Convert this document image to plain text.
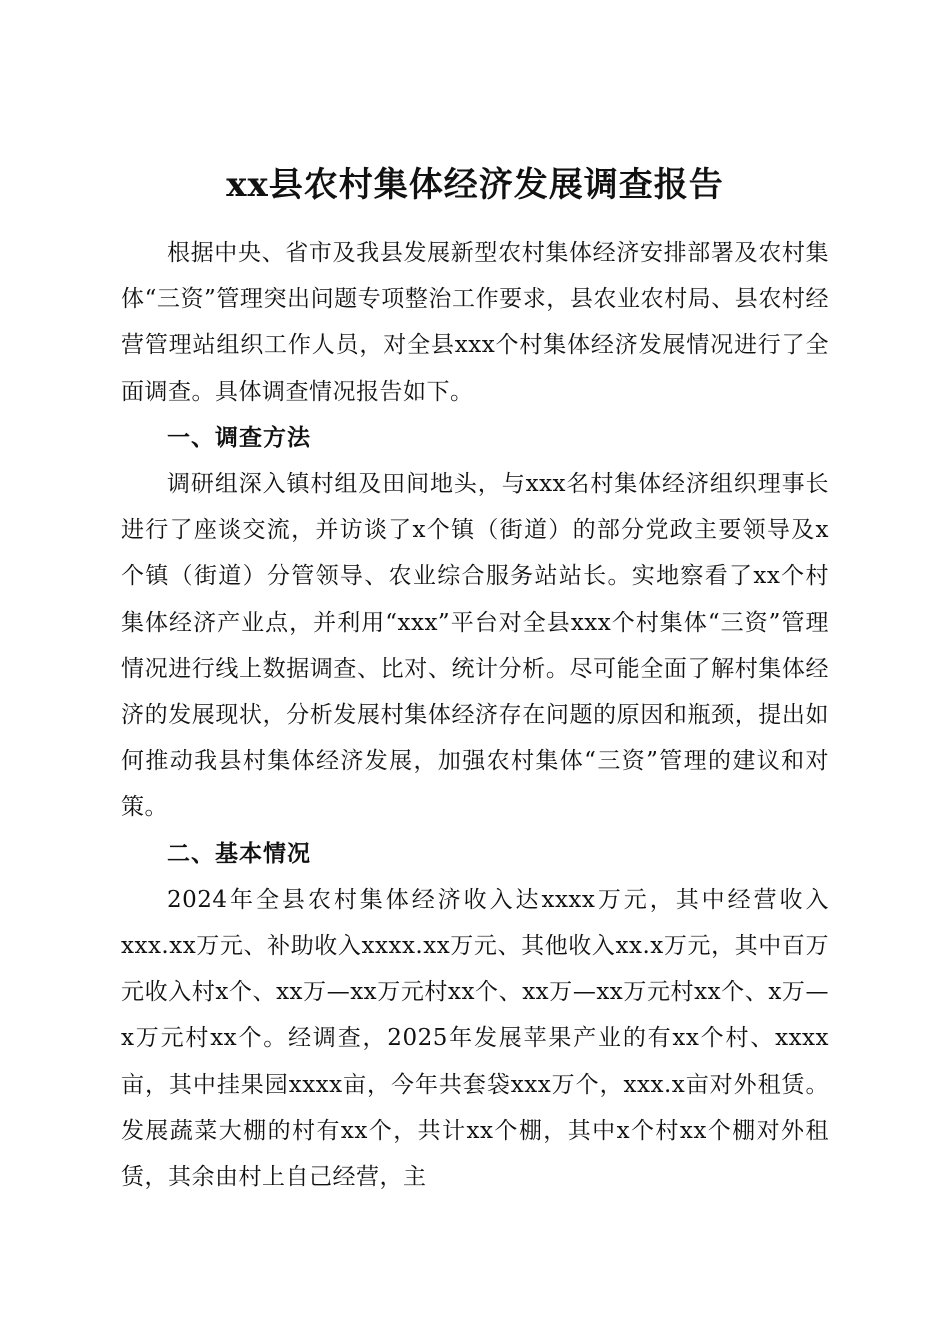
xx县农村集体经济发展调查报告

根据中央、省市及我县发展新型农村集体经济安排部署及农村集体“三资”管理突出问题专项整治工作要求，县农业农村局、县农村经营管理站组织工作人员，对全县xxx个村集体经济发展情况进行了全面调查。具体调查情况报告如下。

一、调查方法

调研组深入镇村组及田间地头，与xxx名村集体经济组织理事长进行了座谈交流，并访谈了x个镇（街道）的部分党政主要领导及x个镇（街道）分管领导、农业综合服务站站长。实地察看了xx个村集体经济产业点，并利用“xxx”平台对全县xxx个村集体“三资”管理情况进行线上数据调查、比对、统计分析。尽可能全面了解村集体经济的发展现状，分析发展村集体经济存在问题的原因和瓶颈，提出如何推动我县村集体经济发展，加强农村集体“三资”管理的建议和对策。

二、基本情况

2024年全县农村集体经济收入达xxxx万元，其中经营收入xxx.xx万元、补助收入xxxx.xx万元、其他收入xx.x万元，其中百万元收入村x个、xx万—xx万元村xx个、xx万—xx万元村xx个、x万—x万元村xx个。经调查，2025年发展苹果产业的有xx个村、xxxx亩，其中挂果园xxxx亩，今年共套袋xxx万个，xxx.x亩对外租赁。发展蔬菜大棚的村有xx个，共计xx个棚，其中x个村xx个棚对外租赁，其余由村上自己经营，主
